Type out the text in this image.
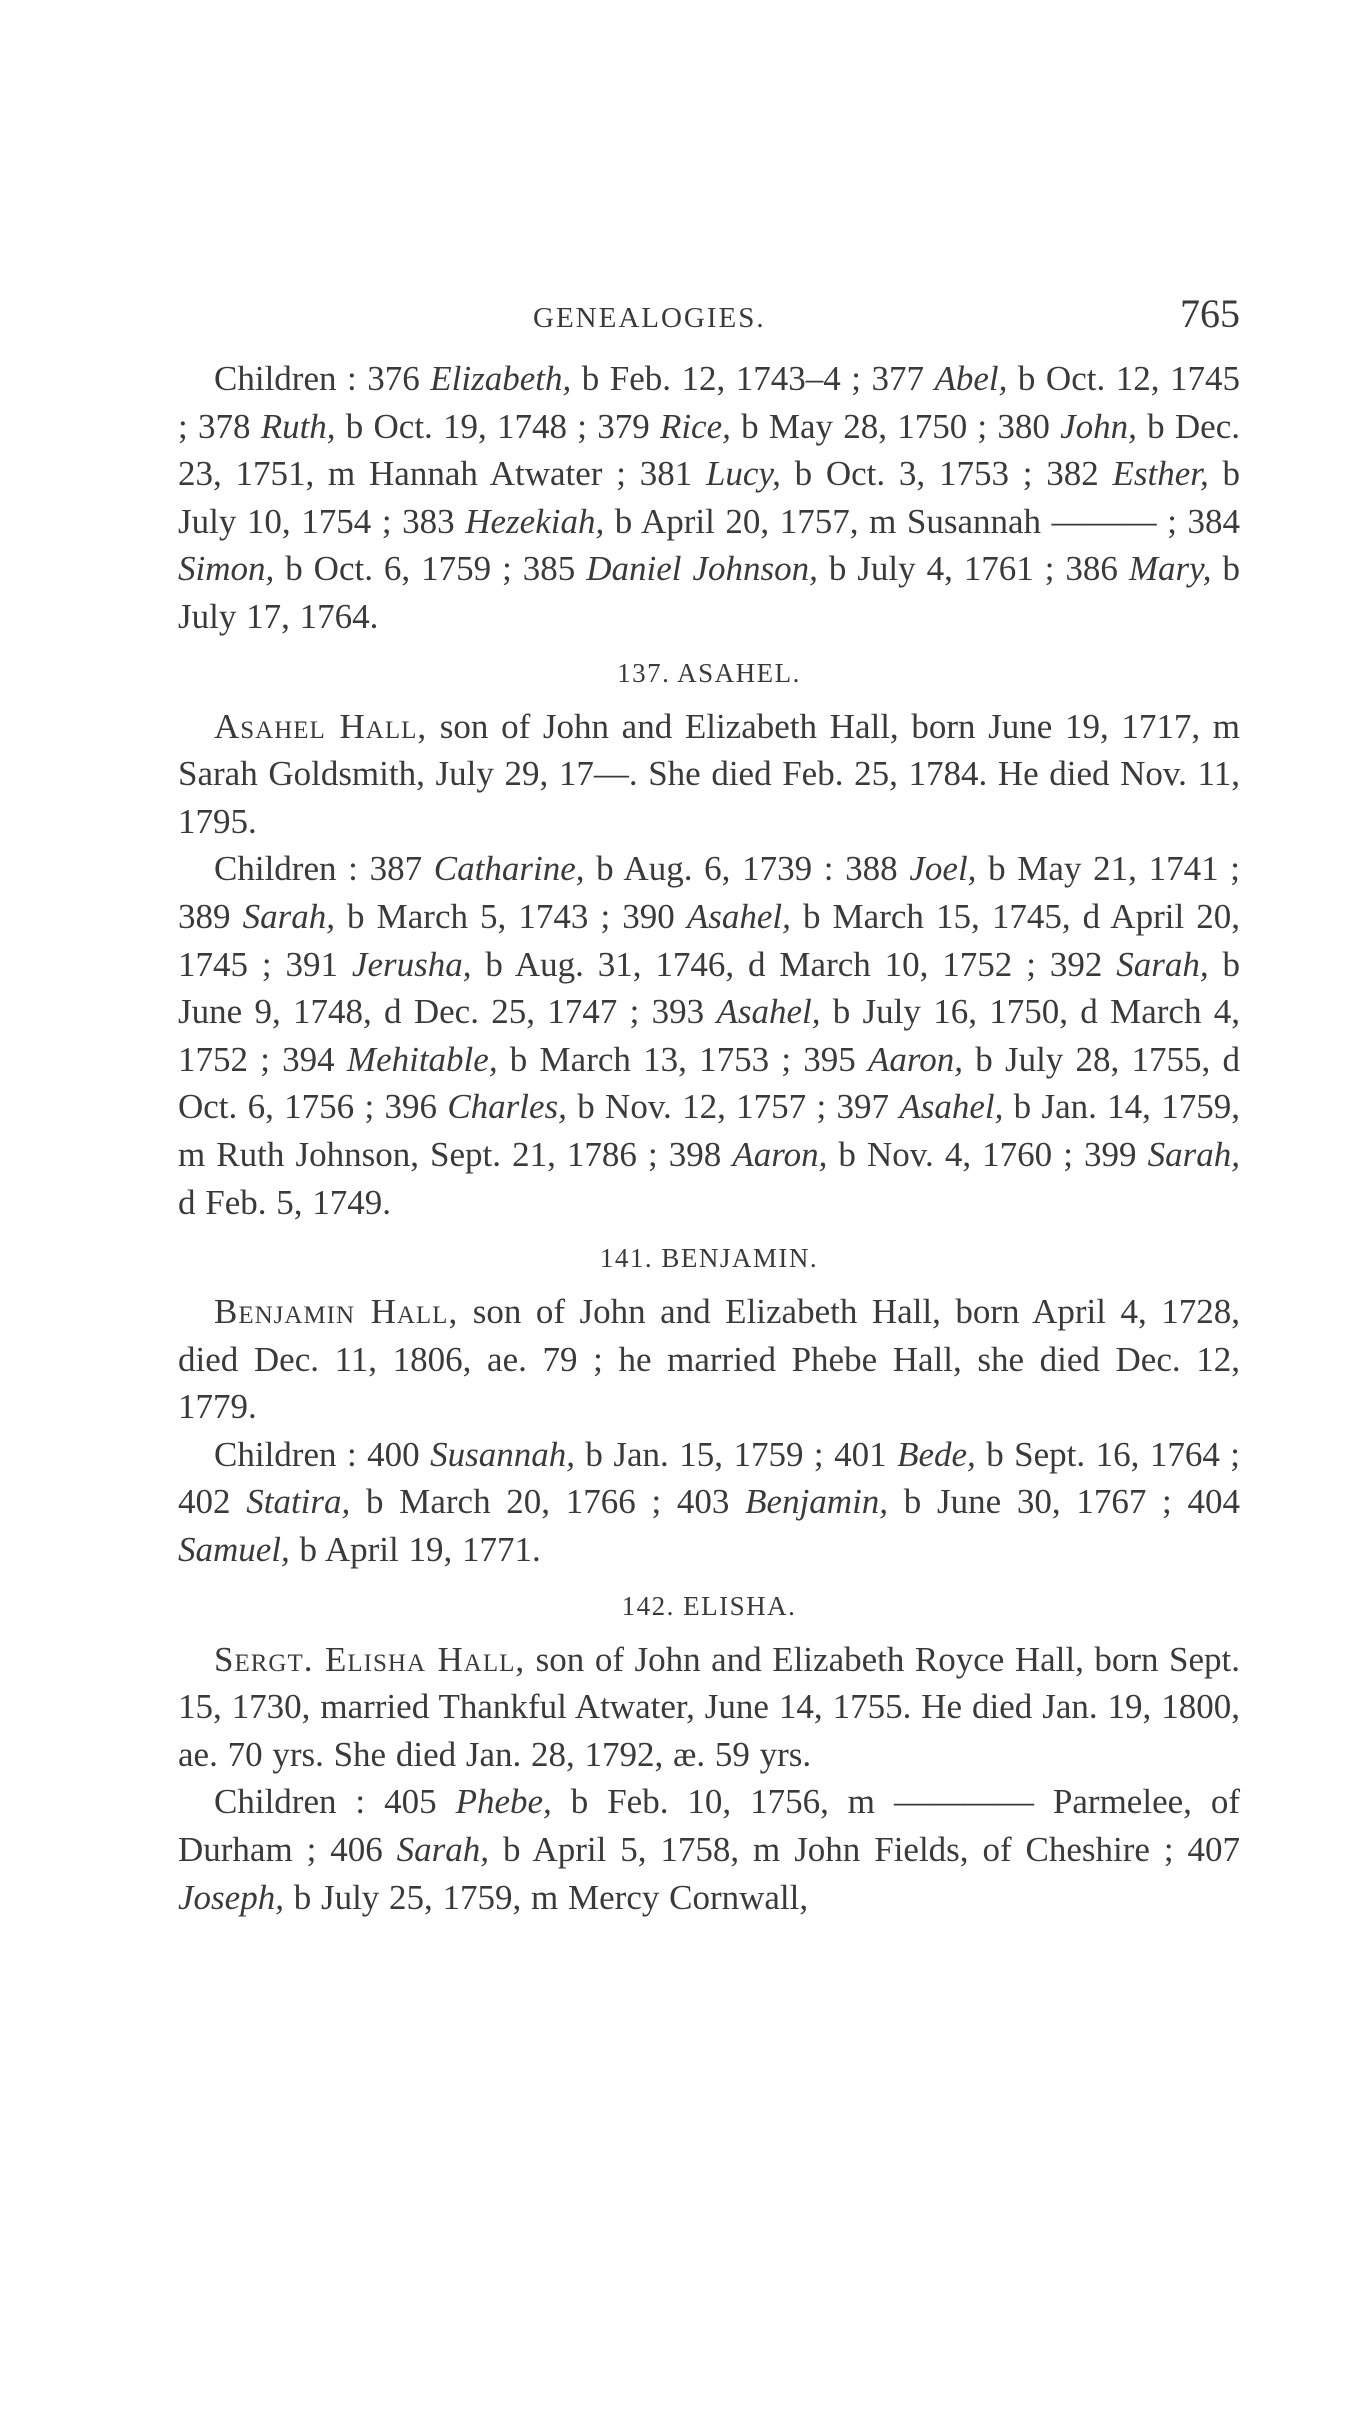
GENEALOGIES.	765

Children : 376 Elizabeth, b Feb. 12, 1743–4 ; 377 Abel, b Oct. 12, 1745 ; 378 Ruth, b Oct. 19, 1748 ; 379 Rice, b May 28, 1750 ; 380 John, b Dec. 23, 1751, m Hannah Atwater ; 381 Lucy, b Oct. 3, 1753 ; 382 Esther, b July 10, 1754 ; 383 Hezekiah, b April 20, 1757, m Susannah ——— ; 384 Simon, b Oct. 6, 1759 ; 385 Daniel Johnson, b July 4, 1761 ; 386 Mary, b July 17, 1764.

137. ASAHEL.

Asahel Hall, son of John and Elizabeth Hall, born June 19, 1717, m Sarah Goldsmith, July 29, 17—. She died Feb. 25, 1784. He died Nov. 11, 1795.

Children : 387 Catharine, b Aug. 6, 1739 : 388 Joel, b May 21, 1741 ; 389 Sarah, b March 5, 1743 ; 390 Asahel, b March 15, 1745, d April 20, 1745 ; 391 Jerusha, b Aug. 31, 1746, d March 10, 1752 ; 392 Sarah, b June 9, 1748, d Dec. 25, 1747 ; 393 Asahel, b July 16, 1750, d March 4, 1752 ; 394 Mehitable, b March 13, 1753 ; 395 Aaron, b July 28, 1755, d Oct. 6, 1756 ; 396 Charles, b Nov. 12, 1757 ; 397 Asahel, b Jan. 14, 1759, m Ruth Johnson, Sept. 21, 1786 ; 398 Aaron, b Nov. 4, 1760 ; 399 Sarah, d Feb. 5, 1749.

141. BENJAMIN.

Benjamin Hall, son of John and Elizabeth Hall, born April 4, 1728, died Dec. 11, 1806, ae. 79 ; he married Phebe Hall, she died Dec. 12, 1779.

Children : 400 Susannah, b Jan. 15, 1759 ; 401 Bede, b Sept. 16, 1764 ; 402 Statira, b March 20, 1766 ; 403 Benjamin, b June 30, 1767 ; 404 Samuel, b April 19, 1771.

142. ELISHA.

Sergt. Elisha Hall, son of John and Elizabeth Royce Hall, born Sept. 15, 1730, married Thankful Atwater, June 14, 1755. He died Jan. 19, 1800, ae. 70 yrs. She died Jan. 28, 1792, æ. 59 yrs.

Children : 405 Phebe, b Feb. 10, 1756, m ———— Parmelee, of Durham ; 406 Sarah, b April 5, 1758, m John Fields, of Cheshire ; 407 Joseph, b July 25, 1759, m Mercy Cornwall,
